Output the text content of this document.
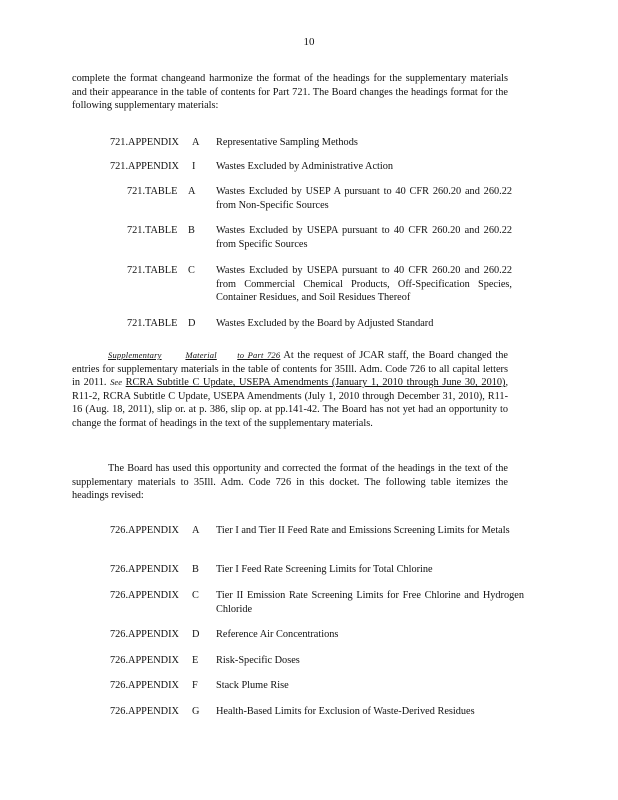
10

complete the format changeand harmonize the format of the headings for the supplementary materials and their appearance in the table of contents for Part 721. The Board changes the headings format for the following supplementary materials:

721.APPENDIX A Representative Sampling Methods
721.APPENDIX I Wastes Excluded by Administrative Action
721.TABLE A Wastes Excluded by USEP A pursuant to 40 CFR 260.20 and 260.22 from Non-Specific Sources
721.TABLE B Wastes Excluded by USEPA pursuant to 40 CFR 260.20 and 260.22 from Specific Sources
721.TABLE C Wastes Excluded by USEPA pursuant to 40 CFR 260.20 and 260.22 from Commercial Chemical Products, Off-Specification Species, Container Residues, and Soil Residues Thereof
721.TABLE D Wastes Excluded by the Board by Adjusted Standard

Supplementary	Material to Part 726 At the request of JCAR staff, the Board changed the entries for supplementary materials in the table of contents for 35Ill. Adm. Code 726 to all capital letters in 2011. See RCRA Subtitle C Update, USEPA Amendments (January 1, 2010 through June 30, 2010), R11-2, RCRA Subtitle C Update, USEPA Amendments (July 1, 2010 through December 31, 2010), R11-16 (Aug. 18, 2011), slip or. at p. 386, slip op. at pp.141-42. The Board has not yet had an opportunity to change the format of headings in the text of the supplementary materials.

The Board has used this opportunity and corrected the format of the headings in the text of the supplementary materials to 35Ill. Adm. Code 726 in this docket. The following table itemizes the headings revised:

726.APPENDIX A Tier I and Tier II Feed Rate and Emissions Screening Limits for Metals
726.APPENDIX B Tier I Feed Rate Screening Limits for Total Chlorine
726.APPENDIX C Tier II Emission Rate Screening Limits for Free Chlorine and Hydrogen Chloride
726.APPENDIX D Reference Air Concentrations
726.APPENDIX E Risk-Specific Doses
726.APPENDIX F Stack Plume Rise
726.APPENDIX G Health-Based Limits for Exclusion of Waste-Derived Residues
